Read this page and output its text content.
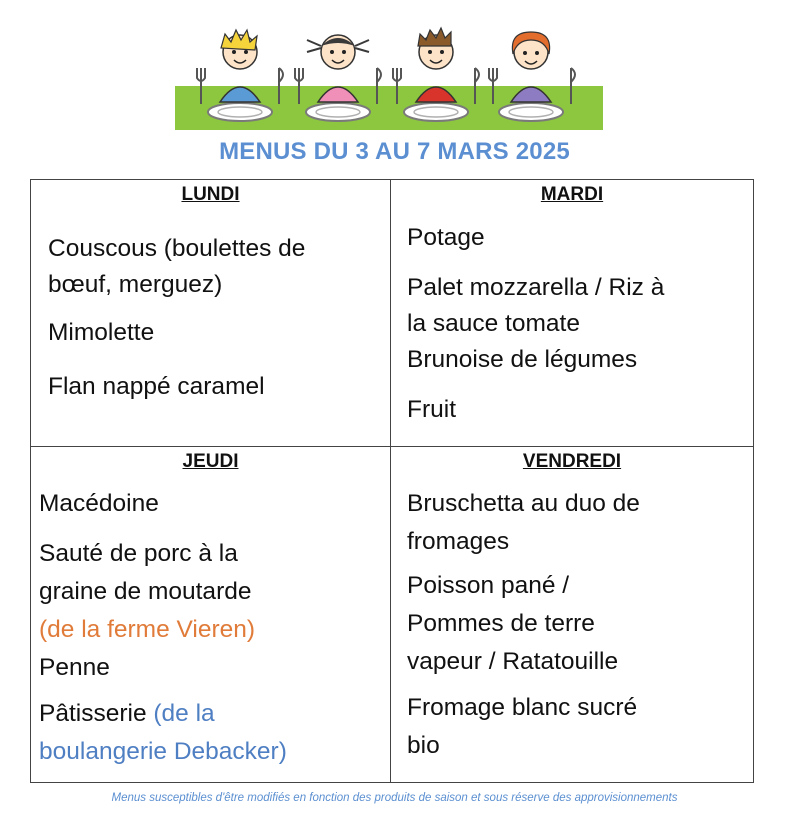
MENUS DU 3 AU 7 MARS 2025
LUNDI
Couscous (boulettes de
bœuf, merguez)
Mimolette
Flan nappé caramel
MARDI
Potage
Palet mozzarella / Riz à
la sauce tomate
Brunoise de légumes
Fruit
JEUDI
Macédoine
Sauté de porc à la
graine de moutarde
(de la ferme Vieren)
Penne
Pâtisserie (de la
boulangerie Debacker)
VENDREDI
Bruschetta au duo de
fromages
Poisson pané /
Pommes de terre
vapeur / Ratatouille
Fromage blanc sucré
bio
Menus susceptibles d'être modifiés en fonction des produits de saison et sous réserve des approvisionnements
